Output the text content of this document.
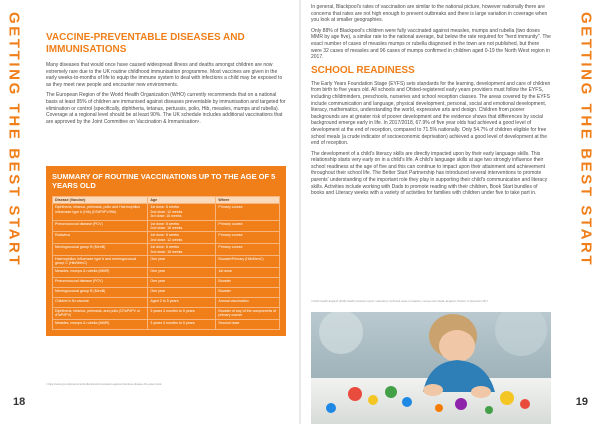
GETTING THE BEST START VACCINE-PREVENTABLE DISEASES AND IMMUNISATIONS

Many diseases that would once have caused widespread illness and deaths amongst children are now extremely rare due to the UK routine childhood immunisation programme. Most vaccines are given in the early weeks-to-months of life to equip the immune system to deal with infections a child may be exposed to as they meet new people and encounter new environments.

The European Region of the World Health Organization (WHO) currently recommends that on a national basis at least 95% of children are immunised against diseases preventable by immunisation and targeted for elimination or control (specifically, diphtheria, tetanus, pertussis, polio, Hib, measles, mumps and rubella). Coverage at a regional level should be at least 90%. The UK schedule includes additional vaccinations that are approved by the Joint Committee on Vaccination & Immunisation¹.

SUMMARY OF ROUTINE VACCINATIONS UP TO THE AGE OF 5 YEARS OLD
Disease (Vaccine)	Age	Where
Diphtheria, tetanus, pertussis, polio and Haemophilus influenzae type b (Hib) (DTaP/IPV/Hib)	1st dose: 8 weeks
2nd dose: 12 weeks
3rd dose: 16 weeks	Primary course
Pneumococcal disease (PCV)	1st dose: 8 weeks
2nd dose: 16 weeks	Primary course
Rotavirus	1st dose: 8 weeks
2nd dose: 12 weeks	Primary course
Meningococcal group B (MenB)	1st dose: 8 weeks
2nd dose: 16 weeks	Primary course
Haemophilus influenzae type b and meningococcal group C (Hib/MenC)	One year	Booster/Primary (Hib/MenC)
Measles, mumps & rubella (MMR)	One year	1st dose
Pneumococcal disease (PCV)	One year	Booster
Meningococcal group B (MenB)	One year	Booster
Children's flu vaccine	Aged 2 to 5 years	Annual vaccination
Diphtheria, tetanus, pertussis, and polio (DTaP/IPV or dTaP/IPV)	3 years 4 months to 5 years	Booster of any of the components of primary course
Measles, mumps & rubella (MMR)	3 years 4 months to 5 years	Second dose
¹ https://www.gov.uk/government/collections/immunisation-against-infectious-disease-the-green-book
18
GETTING THE BEST START

In general, Blackpool's rates of vaccination are similar to the national picture, however nationally there are concerns that rates are not high enough to prevent outbreaks and there is large variation in coverage when you look at smaller geographies.

Only 88% of Blackpool's children were fully vaccinated against measles, mumps and rubella (two doses MMR by age five), a similar rate to the national average, but below the rate required for "herd immunity". The exact number of cases of measles mumps or rubella diagnosed in the town are not published, but there were 32 cases of measles and 96 cases of mumps confirmed in children aged 0-19 the North West region in 2017.

SCHOOL READINESS

The Early Years Foundation Stage (EYFS) sets standards for the learning, development and care of children from birth to five years old. All schools and Ofsted-registered early years providers must follow the EYFS, including childminders, preschools, nurseries and school reception classes. The areas covered by the EYFS include communication and language, physical development, personal, social and emotional development, literacy, mathematics, understanding the world, expressive arts and design. Children from poorer backgrounds are at greater risk of poorer development and the evidence shows that differences by social background emerge early in life. In 2017/2018, 67.9% of five year olds had achieved a good level of development at the end of reception, compared to 71.5% nationally. Only 54.7% of children eligible for free school meals (a crude indicator of socioeconomic deprivation) achieved a good level of development at the end of reception.

The development of a child's literacy skills are directly impacted upon by their early language skills. This relationship starts very early on in a child's life. A child's language skills at age two strongly influence their school readiness at the age of five and this can continue to impact upon their attainment and achievement throughout their school life. The Better Start Partnership has introduced several interventions to promote parents' understanding of the important role they play in supporting their child's communication and literacy skills. Activities include working with Dads to promote reading with their children, Book Start bundles of books and Literacy weeks with a variety of activities for families with children under five to take part in.

² Public Health England (2018) Health protection report: Laboratory confirmed cases of measles, mumps and rubella, England: October to December 2017
19
